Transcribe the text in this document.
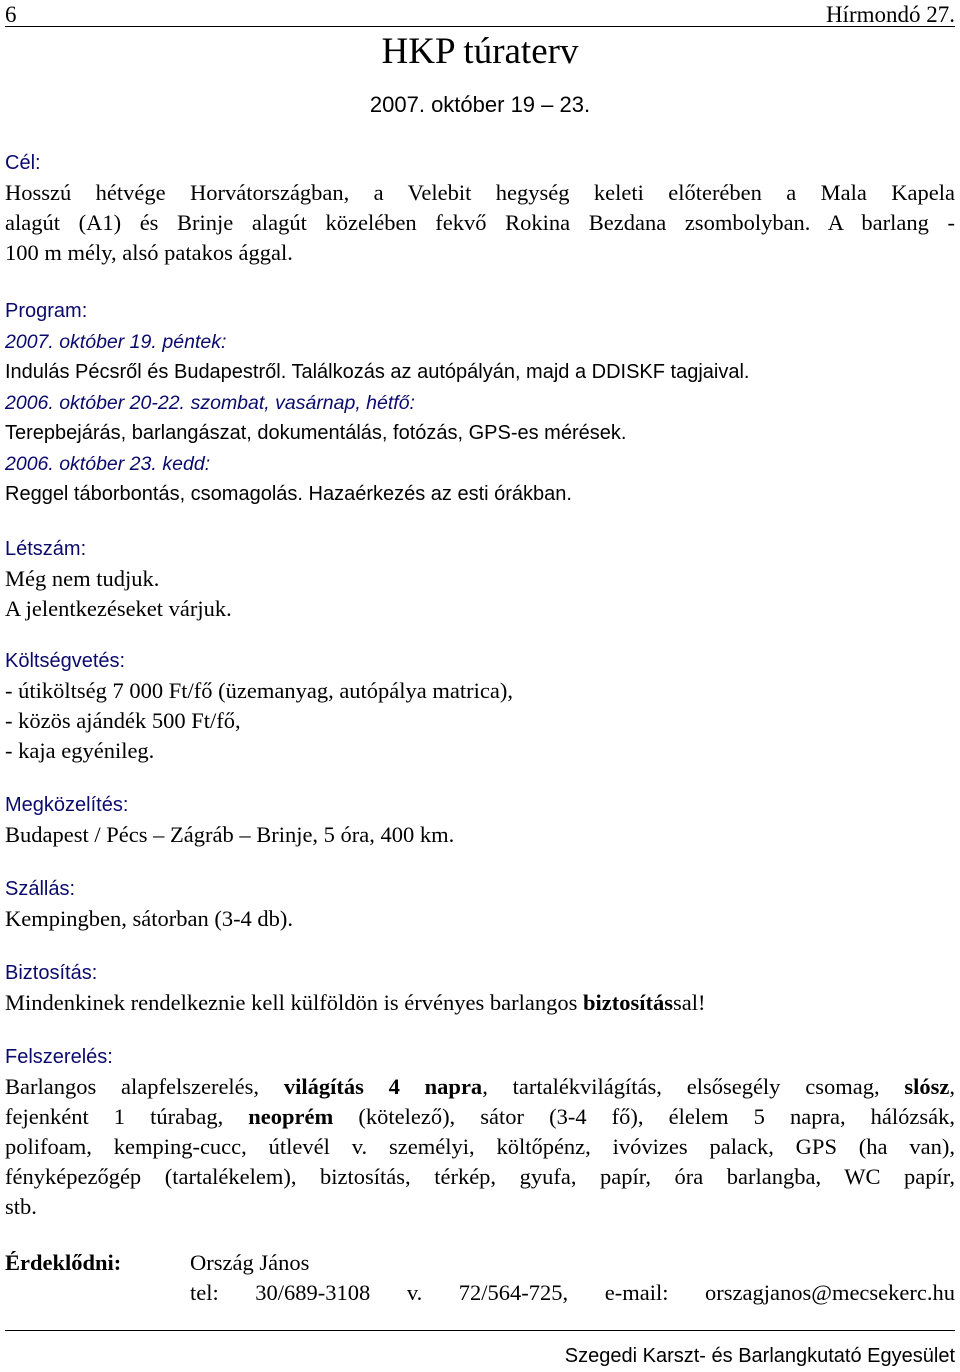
6	Hírmondó 27.
HKP túraterv
2007. október 19 – 23.
Cél:
Hosszú hétvége Horvátországban, a Velebit hegység keleti előterében a Mala Kapela
alagút (A1) és Brinje alagút közelében fekvő Rokina Bezdana zsombolyban. A barlang -
100 m mély, alsó patakos ággal.
Program:
2007. október 19. péntek:
Indulás Pécsről és Budapestről. Találkozás az autópályán, majd a DDISKF tagjaival.
2006. október 20-22. szombat, vasárnap, hétfő:
Terepbejárás, barlangászat, dokumentálás, fotózás, GPS-es mérések.
2006. október 23. kedd:
Reggel táborbontás, csomagolás. Hazaérkezés az esti órákban.
Létszám:
Még nem tudjuk.
A jelentkezéseket várjuk.
Költségvetés:
- útiköltség 7 000 Ft/fő (üzemanyag, autópálya matrica),
- közös ajándék 500 Ft/fő,
- kaja egyénileg.
Megközelítés:
Budapest / Pécs – Zágráb – Brinje, 5 óra, 400 km.
Szállás:
Kempingben, sátorban (3-4 db).
Biztosítás:
Mindenkinek rendelkeznie kell külföldön is érvényes barlangos biztosítással!
Felszerelés:
Barlangos alapfelszerelés, világítás 4 napra, tartalékvilágítás, elsősegély csomag, slósz,
fejenként 1 túrabag, neoprém (kötelező), sátor (3-4 fő), élelem 5 napra, hálózsák,
polifoam, kemping-cucc, útlevél v. személyi, költőpénz, ivóvizes palack, GPS (ha van),
fényképezőgép (tartalékelem), biztosítás, térkép, gyufa, papír, óra barlangba, WC papír,
stb.
Érdeklődni:	Ország János
tel: 30/689-3108 v. 72/564-725, e-mail: orszagjanos@mecsekerc.hu
Szegedi Karszt- és Barlangkutató Egyesület
